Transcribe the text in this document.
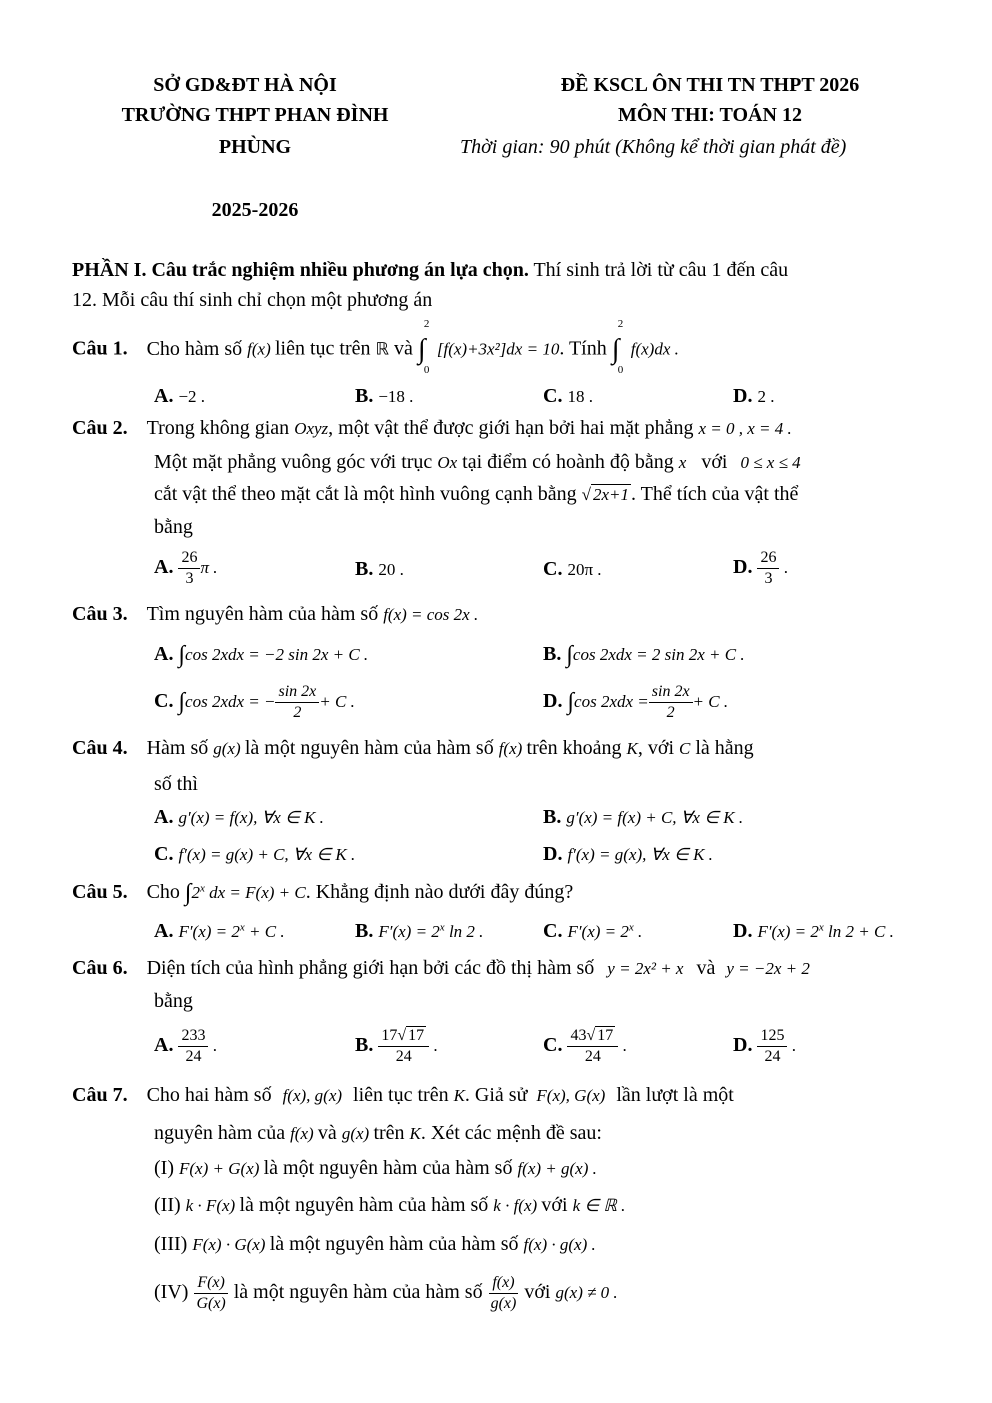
SỞ GD&ĐT HÀ NỘI
TRƯỜNG THPT PHAN ĐÌNH
PHÙNG
2025-2026
ĐỀ KSCL ÔN THI TN THPT 2026
MÔN THI: TOÁN 12
Thời gian: 90 phút (Không kể thời gian phát đề)
PHẦN I. Câu trắc nghiệm nhiều phương án lựa chọn. Thí sinh trả lời từ câu 1 đến câu
12. Mỗi câu thí sinh chỉ chọn một phương án
Câu 1. Cho hàm số f(x) liên tục trên ℝ và
2
∫
0
[f(x)+3x²]dx = 10. Tính
2
∫
0
f(x)dx .
A. −2 .	B. −18 .	C. 18 .	D. 2 .
Câu 2. Trong không gian Oxyz, một vật thể được giới hạn bởi hai mặt phẳng x = 0 , x = 4 .
Một mặt phẳng vuông góc với trục Ox tại điểm có hoành độ bằng x với 0 ≤ x ≤ 4
cắt vật thể theo mặt cắt là một hình vuông cạnh bằng √ 2x+1 . Thể tích của vật thể
bằng
A. $\frac{26}{3}$ π .	B. 20 .	C. 20π .	D. $\frac{26}{3}$ .
Câu 3. Tìm nguyên hàm của hàm số f(x) = cos 2x .
A. ∫cos 2xdx = −2 sin 2x + C .	B. ∫cos 2xdx = 2 sin 2x + C .
C. ∫cos 2xdx = − $\frac{\sin 2x}{2} + C$ .	D. ∫cos $2xdx = \frac{\sin 2x}{2} + C$ .
Câu 4. Hàm số g(x) là một nguyên hàm của hàm số f(x) trên khoảng K, với C là hằng
số thì
A. g′(x) = f(x), ∀x ∈ K .	B. g′(x) = f(x) + C, ∀x ∈ K .
C. f′(x) = g(x) + C, ∀x ∈ K .	D. f′(x) = g(x), ∀x ∈ K .
Câu 5. Cho ∫2$^x$ dx = F(x) + C. Khẳng định nào dưới đây đúng?
A. $F'(x) = 2^x + C$ .	B. $F'(x) = 2^x$ ln 2 .	C. $F'(x) = 2^x$ .	D. $F'(x) = 2^x$ ln 2 + C .
Câu 6. Diện tích của hình phẳng giới hạn bởi các đồ thị hàm số y = 2x² + x và y = −2x + 2
bằng
A. $\frac{233}{24}$ .	B. $\frac{17√ 17}{24}$ .	C. $\frac{43√ 17}{24}$ .	D. $\frac{125}{24}$ .
Câu 7. Cho hai hàm số f(x), g(x) liên tục trên K. Giả sử F(x), G(x) lần lượt là một
nguyên hàm của f(x) và g(x) trên K. Xét các mệnh đề sau:
(I) F(x) + G(x) là một nguyên hàm của hàm số f(x) + g(x) .
(II) k · F(x) là một nguyên hàm của hàm số k · f(x) với k ∈ ℝ .
(III) F(x) · G(x) là một nguyên hàm của hàm số f(x) · g(x) .
$(IV) \frac{F(x)}{G(x)}$ là một nguyên hàm của hàm số $\frac{f(x)}{g(x)}$ với g(x) ≠ 0 .
